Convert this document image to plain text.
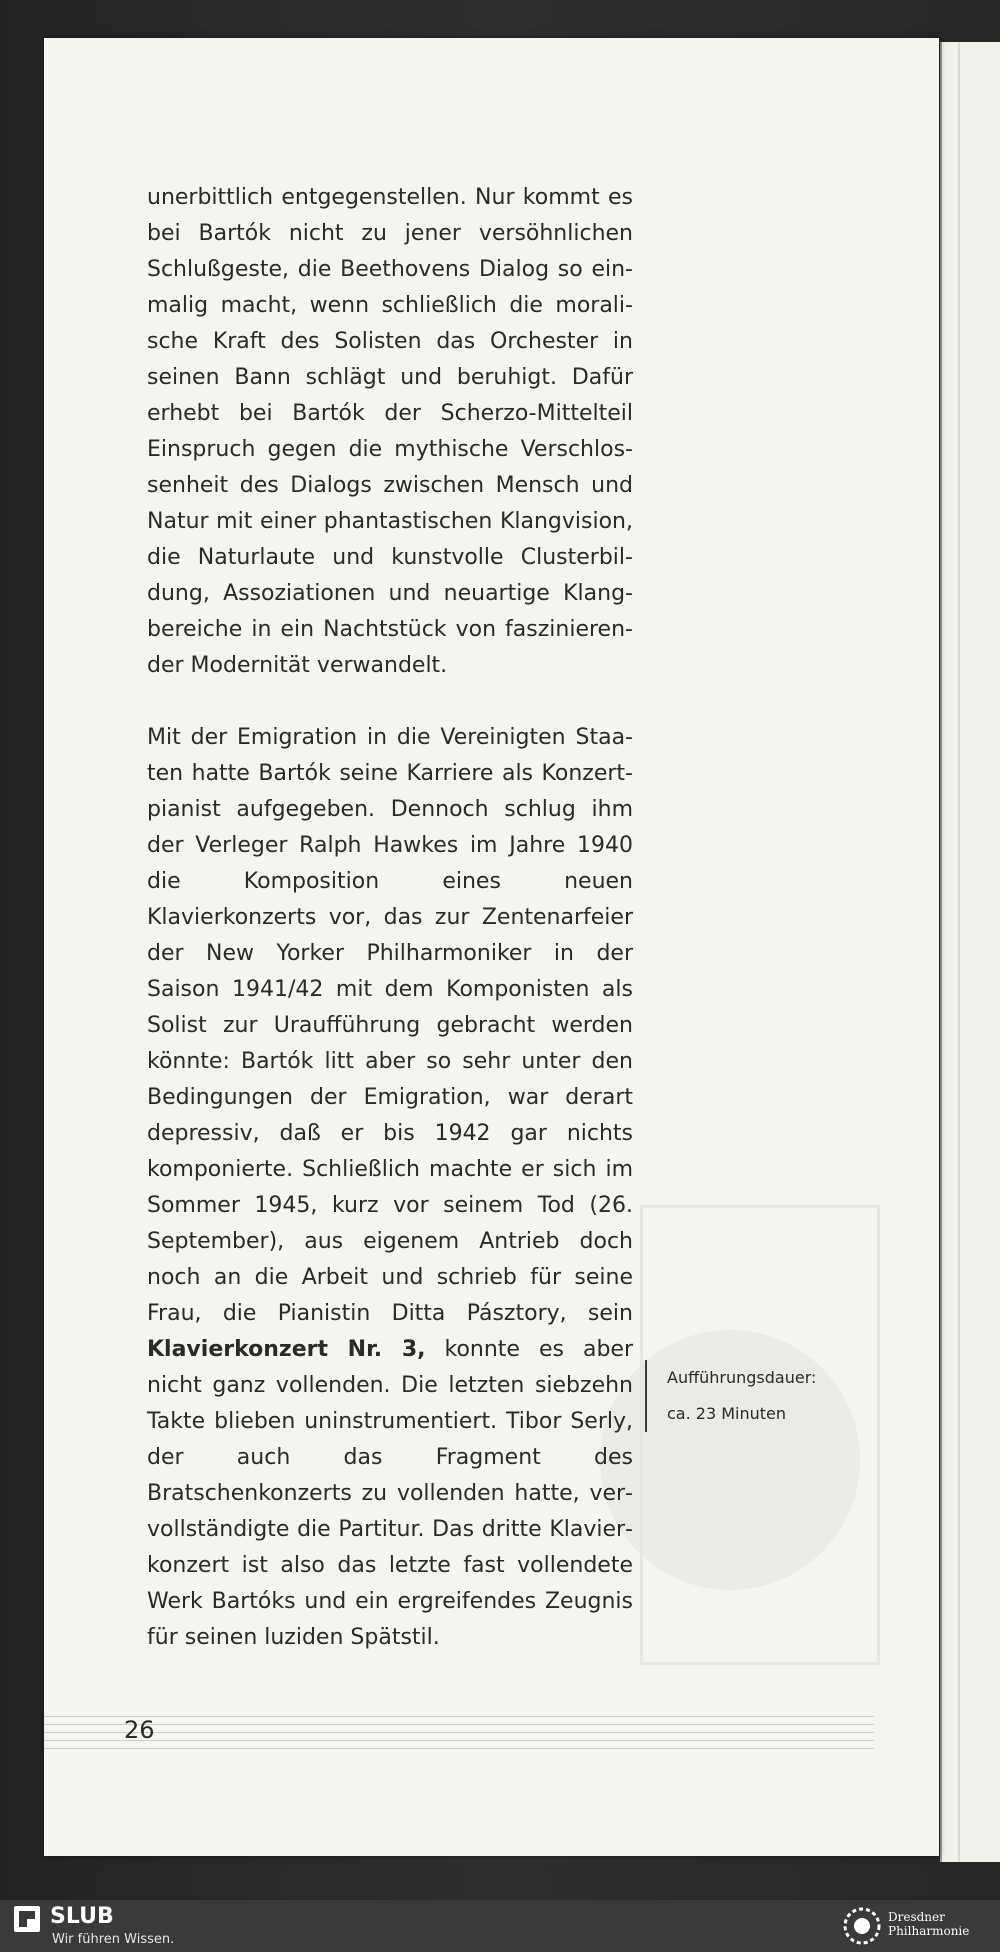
unerbittlich entgegenstellen. Nur kommt es bei Bartók nicht zu jener versöhnlichen Schlußgeste, die Beethovens Dialog so einmalig macht, wenn schließlich die moralische Kraft des Solisten das Orchester in seinen Bann schlägt und beruhigt. Dafür erhebt bei Bartók der Scherzo-Mittelteil Einspruch gegen die mythische Verschlossenheit des Dialogs zwischen Mensch und Natur mit einer phantastischen Klangvision, die Naturlaute und kunstvolle Clusterbildung, Assoziationen und neuartige Klangbereiche in ein Nachtstück von faszinierender Modernität verwandelt.

Mit der Emigration in die Vereinigten Staaten hatte Bartók seine Karriere als Konzertpianist aufgegeben. Dennoch schlug ihm der Verleger Ralph Hawkes im Jahre 1940 die Komposition eines neuen Klavierkonzerts vor, das zur Zentenarfeier der New Yorker Philharmoniker in der Saison 1941/42 mit dem Komponisten als Solist zur Uraufführung gebracht werden könnte: Bartók litt aber so sehr unter den Bedingungen der Emigration, war derart depressiv, daß er bis 1942 gar nichts komponierte. Schließlich machte er sich im Sommer 1945, kurz vor seinem Tod (26. September), aus eigenem Antrieb doch noch an die Arbeit und schrieb für seine Frau, die Pianistin Ditta Pásztory, sein Klavierkonzert Nr. 3, konnte es aber nicht ganz vollenden. Die letzten siebzehn Takte blieben uninstrumentiert. Tibor Serly, der auch das Fragment des Bratschenkonzerts zu vollenden hatte, vervollständigte die Partitur. Das dritte Klavierkonzert ist also das letzte fast vollendete Werk Bartóks und ein ergreifendes Zeugnis für seinen luziden Spätstil.

Aufführungsdauer:
ca. 23 Minuten
26
SLUB
Wir führen Wissen.
Dresdner
Philharmonie
